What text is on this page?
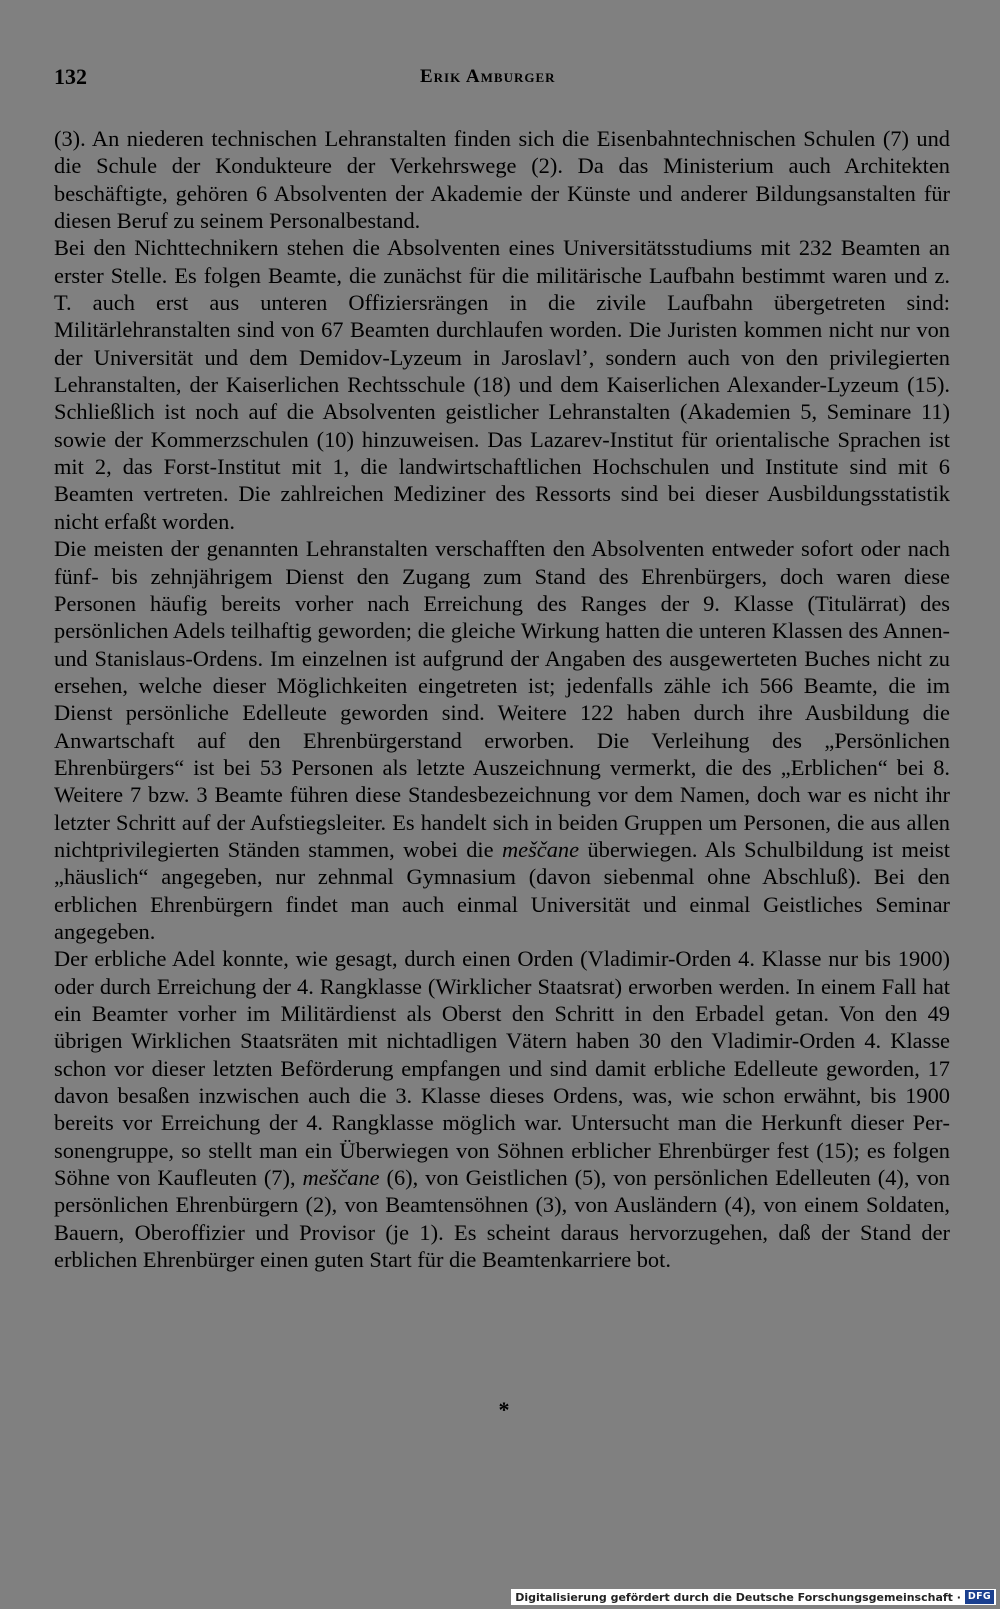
132	Erik Amburger

(3). An niederen technischen Lehranstalten finden sich die Eisenbahntechnischen Schulen (7) und die Schule der Kondukteure der Verkehrswege (2). Da das Ministerium auch Architekten beschäftigte, gehören 6 Absolventen der Akademie der Künste und anderer Bildungsanstalten für diesen Beruf zu seinem Personalbestand.

Bei den Nichttechnikern stehen die Absolventen eines Universitätsstudiums mit 232 Beamten an erster Stelle. Es folgen Beamte, die zunächst für die militärische Laufbahn bestimmt waren und z. T. auch erst aus unteren Offiziersrängen in die zivile Laufbahn übergetreten sind: Militärlehranstalten sind von 67 Beamten durchlaufen worden. Die Juristen kommen nicht nur von der Universität und dem Demidov-Lyzeum in Jaroslavl’, sondern auch von den privilegierten Lehranstalten, der Kaiserlichen Rechtsschule (18) und dem Kaiserlichen Alexander-Lyzeum (15). Schließlich ist noch auf die Absolventen geistlicher Lehranstalten (Akademien 5, Seminare 11) sowie der Kommerzschulen (10) hinzuweisen. Das Lazarev-Institut für orientalische Sprachen ist mit 2, das Forst-Institut mit 1, die landwirtschaftlichen Hochschulen und Institute sind mit 6 Beamten vertreten. Die zahlreichen Mediziner des Ressorts sind bei dieser Ausbildungsstatistik nicht erfaßt worden.

Die meisten der genannten Lehranstalten verschafften den Absolventen entweder sofort oder nach fünf- bis zehnjährigem Dienst den Zugang zum Stand des Ehrenbürgers, doch waren diese Personen häufig bereits vorher nach Erreichung des Ranges der 9. Klasse (Titulärrat) des persönlichen Adels teilhaftig geworden; die gleiche Wirkung hatten die unteren Klassen des Annen- und Stanislaus-Ordens. Im einzelnen ist aufgrund der Angaben des ausgewerteten Buches nicht zu ersehen, welche dieser Möglichkeiten eingetreten ist; jedenfalls zähle ich 566 Beamte, die im Dienst persönliche Edelleute geworden sind. Weitere 122 haben durch ihre Ausbildung die Anwartschaft auf den Ehrenbürgerstand erworben. Die Verleihung des „Persönlichen Ehrenbürgers“ ist bei 53 Personen als letzte Auszeichnung vermerkt, die des „Erblichen“ bei 8. Weitere 7 bzw. 3 Beamte führen diese Standesbezeichnung vor dem Namen, doch war es nicht ihr letzter Schritt auf der Aufstiegsleiter. Es handelt sich in beiden Gruppen um Personen, die aus allen nichtprivilegierten Ständen stammen, wobei die meščane überwiegen. Als Schulbildung ist meist „häuslich“ angegeben, nur zehnmal Gymnasium (davon siebenmal ohne Abschluß). Bei den erblichen Ehrenbürgern findet man auch einmal Universität und einmal Geistliches Seminar angegeben.

Der erbliche Adel konnte, wie gesagt, durch einen Orden (Vladimir-Orden 4. Klasse nur bis 1900) oder durch Erreichung der 4. Rangklasse (Wirklicher Staatsrat) erworben werden. In einem Fall hat ein Beamter vorher im Militärdienst als Oberst den Schritt in den Erbadel getan. Von den 49 übrigen Wirklichen Staatsräten mit nichtadligen Vätern haben 30 den Vladimir-Orden 4. Klasse schon vor dieser letzten Beförderung empfangen und sind damit erbliche Edelleute geworden, 17 davon besaßen inzwischen auch die 3. Klasse dieses Ordens, was, wie schon erwähnt, bis 1900 bereits vor Erreichung der 4. Rangklasse möglich war. Untersucht man die Herkunft dieser Personengruppe, so stellt man ein Überwiegen von Söhnen erblicher Ehrenbürger fest (15); es folgen Söhne von Kaufleuten (7), meščane (6), von Geistlichen (5), von persönlichen Edelleuten (4), von persönlichen Ehrenbürgern (2), von Beamtensöhnen (3), von Ausländern (4), von einem Soldaten, Bauern, Oberoffizier und Provisor (je 1). Es scheint daraus hervorzugehen, daß der Stand der erblichen Ehrenbürger einen guten Start für die Beamtenkarriere bot.

*
Digitalisierung gefördert durch die Deutsche Forschungsgemeinschaft · DFG
